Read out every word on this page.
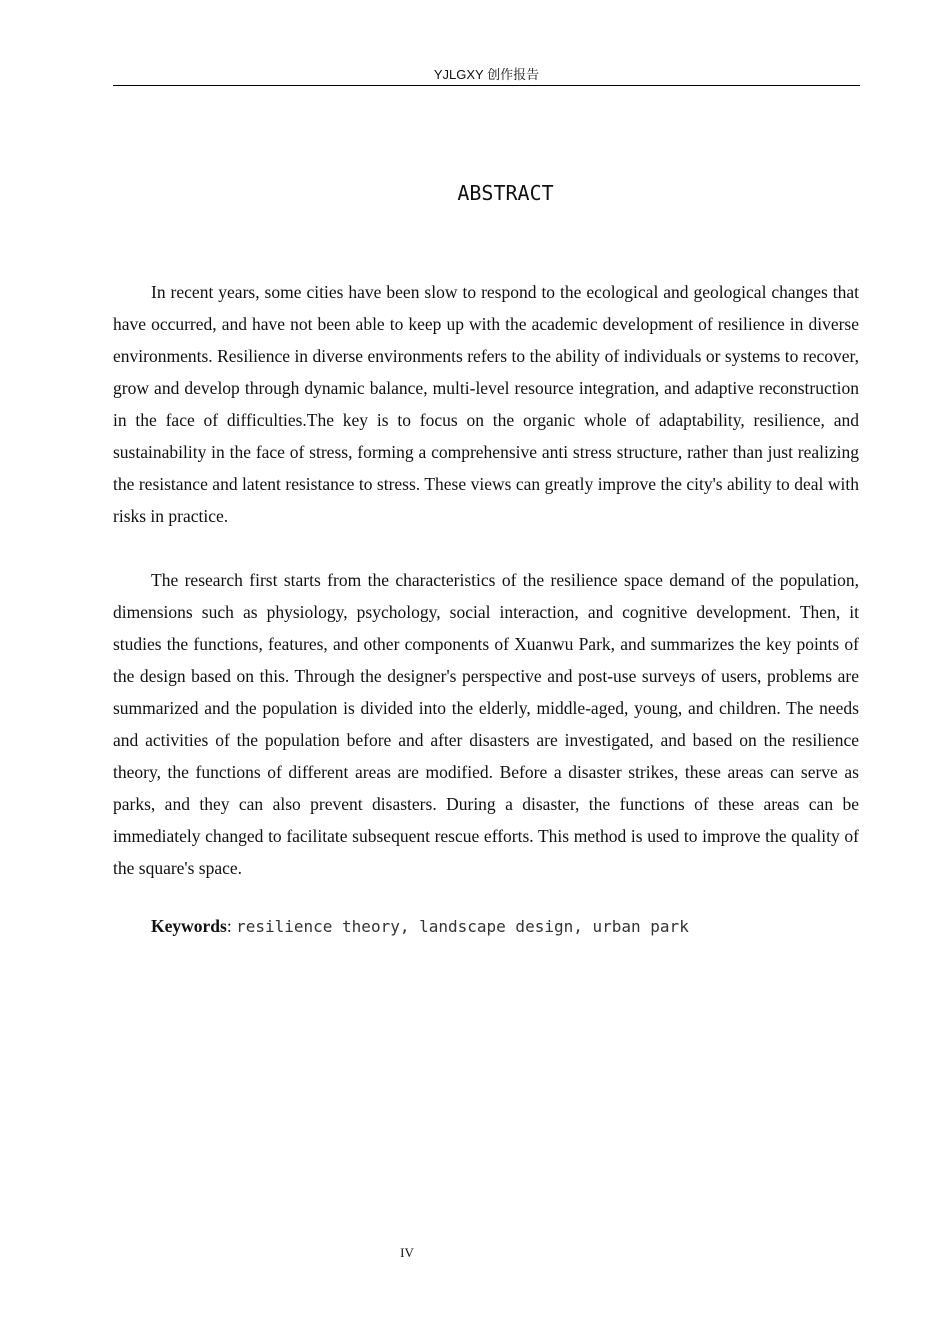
YJLGXY 创作报告
ABSTRACT

In recent years, some cities have been slow to respond to the ecological and geological changes that have occurred, and have not been able to keep up with the academic development of resilience in diverse environments. Resilience in diverse environments refers to the ability of individuals or systems to recover, grow and develop through dynamic balance, multi-level resource integration, and adaptive reconstruction in the face of difficulties.The key is to focus on the organic whole of adaptability, resilience, and sustainability in the face of stress, forming a comprehensive anti stress structure, rather than just realizing the resistance and latent resistance to stress. These views can greatly improve the city's ability to deal with risks in practice.

The research first starts from the characteristics of the resilience space demand of the population, dimensions such as physiology, psychology, social interaction, and cognitive development. Then, it studies the functions, features, and other components of Xuanwu Park, and summarizes the key points of the design based on this. Through the designer's perspective and post-use surveys of users, problems are summarized and the population is divided into the elderly, middle-aged, young, and children. The needs and activities of the population before and after disasters are investigated, and based on the resilience theory, the functions of different areas are modified. Before a disaster strikes, these areas can serve as parks, and they can also prevent disasters. During a disaster, the functions of these areas can be immediately changed to facilitate subsequent rescue efforts. This method is used to improve the quality of the square's space.

Keywords: resilience theory, landscape design, urban park
IV
